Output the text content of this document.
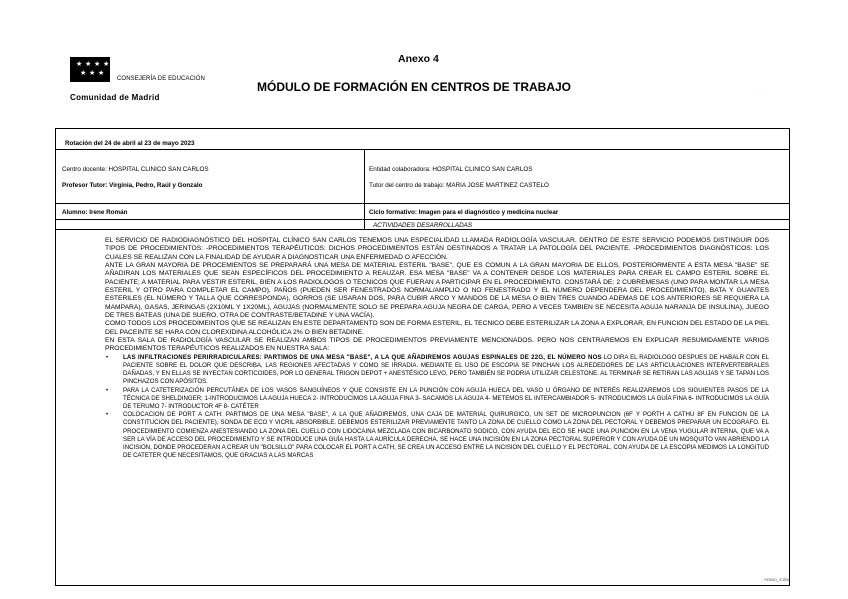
★ ★ ★ ★
★ ★ ★
CONSEJERÍA DE EDUCACIÓN
Comunidad de Madrid
· · · · ·
Anexo 4
MÓDULO DE FORMACIÓN EN CENTROS DE TRABAJO
Rotación del 24 de abril al 23 de mayo 2023
Centro docente: HOSPITAL CLINICO SAN CARLOS	Entidad colaboradora: HOSPITAL CLINICO SAN CARLOS
Profesor Tutor: Virginia, Pedro, Raúl y Gonzalo	Tutor del centro de trabajo: MARIA JOSE MARTINEZ CASTELO
Alumno: Irene Román	Ciclo formativo: Imagen para el diagnóstico y medicina nuclear
ACTIVIDADES DESARROLLADAS

EL SERVICIO DE RADIODIAGNÓSTICO DEL HOSPITAL CLÍNICO SAN CARLOS TENEMOS UNA ESPECIALIDAD LLAMADA RADIOLOGÍA VASCULAR. DENTRO DE ESTE SERVICIO PODEMOS DISTINGUIR DOS TIPOS DE PROCEDIMIENTOS: -PROCEDIMIENTOS TERAPÉUTICOS: DICHOS PROCEDIMIENTOS ESTÁN DESTINADOS A TRATAR LA PATOLOGÍA DEL PACIENTE. -PROCEDIMIENTOS DIAGNÓSTICOS: LOS CUALES SE REALIZAN CON LA FINALIDAD DE AYUDAR A DIAGNOSTICAR UNA ENFERMEDAD O AFECCIÓN.

ANTE LA GRAN MAYORIA DE PROCEMIENTOS SE PREPARARÁ UNA MESA DE MATERIAL ESTERIL "BASE", QUE ES COMUN A LA GRAN MAYORIA DE ELLOS, POSTERIORMENTE A ESTA MESA "BASE" SE AÑADIRAN LOS MATERIALES QUE SEAN ESPECÍFICOS DEL PROCEDIMIENTO A REAUZAR. ESA MESA "BASE" VA A CONTENER DESDE LOS MATERIALES PARA CREAR EL CAMPO ESTERIL SOBRE EL PACIENTE; A MATERIAL PARA VESTIR ESTERIL, BIEN A LOS RADIOLOGOS O TECNICOS QUE FUERAN A PARTICIPAR EN EL PROCEDIMIENTO. CONSTARÁ DE: 2 CUBREMESAS (UNO PARA MONTAR LA MESA ESTERIL Y OTRO PARA COMPLETAR EL CAMPO), PAÑOS (PUEDEN SER FENESTRADOS NORMAL/AMPLIO O NO FENESTRADO Y EL NÚMERO DEPENDERA DEL PROCEDIMIENTO), BATA Y GUANTES ESTERILES (EL NÚMERO Y TALLA QUE CORRESPONDA), GORROS (SE USARAN DOS, PARA CUBIR ARCO Y MANDOS DE LA MESA O BIEN TRES CUANDO ADEMAS DE LOS ANTERIORES SE REQUIERA LA MAMPARA), GASAS, JERINGAS (2X10ML Y 1X20ML), AGUJAS (NORMALMENTE SOLO SE PREPARA AGUJA NEGRA DE CARGA, PERO A VECES TAMBIEN SE NECESITA AGUJA NARANJA DE INSULINA), JUEGO DE TRES BATEAS (UNA DE SUERO, OTRA DE CONTRASTE/BETADINE Y UNA VACÍA).

COMO TODOS LOS PROCEDIMEINTOS QUE SE REALIZAN EN ESTE DEPARTAMENTO SON DE FORMA ESTERIL, EL TECNICO DEBE ESTERILIZAR LA ZONA A EXPLORAR, EN FUNCION DEL ESTADO DE LA PIEL DEL PACEINTE SE HARA CON CLOREXIDINA ALCOHÓLICA 2% O BIEN BETADINE.

EN ESTA SALA DE RADIOLOGÍA VASCULAR SE REALIZAN AMBOS TIPOS DE PROCEDIMIENTOS PREVIAMENTE MENCIONADOS. PERO NOS CENTRAREMOS EN EXPLICAR RESUMIDAMENTE VARIOS PROCEDIMIENTOS TERAPÉUTICOS REALIZADOS EN NUESTRA SALA:

• LAS INFILTRACIONES PERIRRADICULARES: PARTIMOS DE UNA MESA "BASE", A LA QUE AÑADIREMOS AGUJAS ESPINALES DE 22G, EL NÚMERO NOS LO DIRA EL RADIOLOGO DESPUES DE HABALR CON EL PACIENTE SOBRE EL DOLOR QUE DESCRIBA, LAS REGIONES AFECTADAS Y COMO SE IRRADIA. MEDIANTE EL USO DE ESCOPIA SE PINCHAN LOS ALREDEDORES DE LAS ARTICULACIONES INTERVERTEBRALES DAÑADAS, Y EN ELLAS SE INYECTAN CORTICOIDES, POR LO GENERAL TRIGON DEPOT + ANESTÉSICO LEVO, PERO TAMBIÉN SE PODRIA UTILIZAR CELESTONE. AL TERMINAR SE RETIRAN LAS AGUJAS Y SE TAPAN LOS PINCHAZOS CON APÓSITOS.
• PARA LA CATETERIZACIÓN PERCUTÁNEA DE LOS VASOS SANGUÍNEOS Y QUE CONSISTE EN LA PUNCIÓN CON AGUJA HUECA DEL VASO U ÓRGANO DE INTERÉS REALIZAREMOS LOS SIGUIENTES PASOS DE LA TÉCNICA DE SHELDINGER: 1-INTRODUCIMOS LA AGUJA HUECA 2- INTRODUCIMOS LA AGUJA FINA 3- SACAMOS LA AGUJA 4- METEMOS EL INTERCAMBIADOR 5- INTRODUCIMOS LA GUÍA FINA 6- INTRODUCIMOS LA GUÍA DE TERUMO 7- INTRODUCTOR 4F 8- CATÉTER
• COLOCACION DE PORT A CATH: PARTIMOS DE UNA MESA "BASE", A LA QUE AÑADIREMOS, UNA CAJA DE MATERIAL QUIRURGICO, UN SET DE MICROPUNCION (6F Y PORTH A CATHU 8F EN FUNCION DE LA CONSTITUCION DEL PACIENTE), SONDA DE ECO Y VICRIL ABSORBIBLE. DEBEMOS ESTERILIZAR PREVIAMENTE TANTO LA ZONA DE CUELLO COMO LA ZONA DEL PECTORAL Y DEBEMOS PREPARAR UN ECOGRAFO. EL PROCEDIMIENTO COMIENZA ANESTESIANDO LA ZONA DEL CUELLO CON LIDOCAINA MEZCLADA CON BICARBONATO SODICO, CON AYUDA DEL ECO SE HACE UNA PUNCION EN LA VENA YUGULAR INTERNA, QUE VA A SER LA VÍA DE ACCESO DEL PROCEDIMIENTO Y SE INTRODUCE UNA GUÍA HASTA LA AURÍCULA DERECHA. SE HACE UNA INCISIÓN EN LA ZONA PECTORAL SUPERIOR Y CON AYUDA DE UN MOSQUITO VAN ABRIENDO LA INCISION, DONDE PROCEDERAN A CREAR UN "BOLSILLO" PARA COLOCAR EL PORT A CATH, SE CREA UN ACCESO ENTRE LA INCISION DEL CUELLO Y EL PECTORAL, CON AYUDA DE LA ESCOPIA MEDIMOS LA LONGITUD DE CATETER QUE NECESITAMOS, QUE GRACIAS A LAS MARCAS
Anexo_4.doc
